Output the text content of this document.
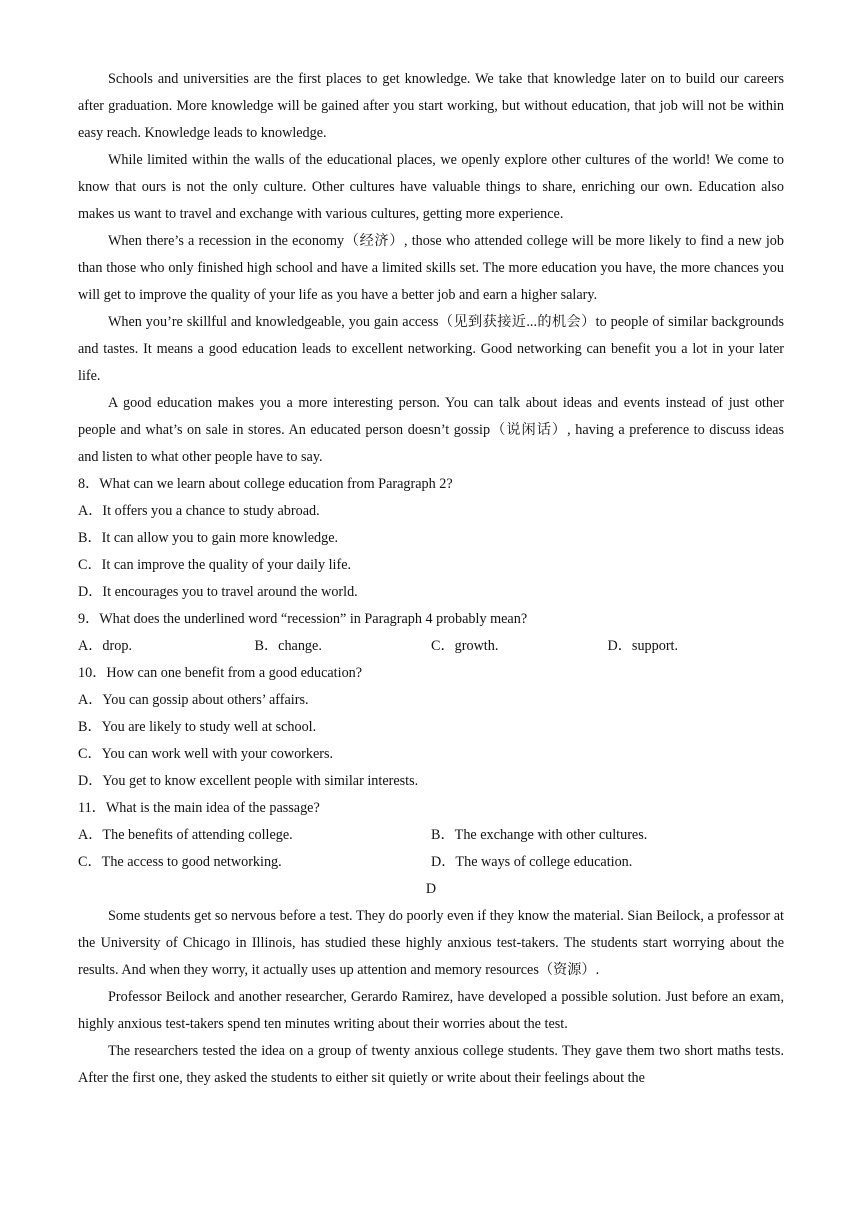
Schools and universities are the first places to get knowledge. We take that knowledge later on to build our careers after graduation. More knowledge will be gained after you start working, but without education, that job will not be within easy reach. Knowledge leads to knowledge.

While limited within the walls of the educational places, we openly explore other cultures of the world! We come to know that ours is not the only culture. Other cultures have valuable things to share, enriching our own. Education also makes us want to travel and exchange with various cultures, getting more experience.

When there’s a recession in the economy（经济）, those who attended college will be more likely to find a new job than those who only finished high school and have a limited skills set. The more education you have, the more chances you will get to improve the quality of your life as you have a better job and earn a higher salary.

When you’re skillful and knowledgeable, you gain access（见到获接近...的机会）to people of similar backgrounds and tastes. It means a good education leads to excellent networking. Good networking can benefit you a lot in your later life.

A good education makes you a more interesting person. You can talk about ideas and events instead of just other people and what’s on sale in stores. An educated person doesn’t gossip（说闲话）, having a preference to discuss ideas and listen to what other people have to say.

8．What can we learn about college education from Paragraph 2?

A．It offers you a chance to study abroad.

B．It can allow you to gain more knowledge.

C．It can improve the quality of your daily life.

D．It encourages you to travel around the world.

9．What does the underlined word “recession” in Paragraph 4 probably mean?

A．drop.	B．change.	C．growth.	D．support.

10．How can one benefit from a good education?

A．You can gossip about others’ affairs.

B．You are likely to study well at school.

C．You can work well with your coworkers.

D．You get to know excellent people with similar interests.

11．What is the main idea of the passage?

A．The benefits of attending college.	B．The exchange with other cultures.
C．The access to good networking.	D．The ways of college education.

D

Some students get so nervous before a test. They do poorly even if they know the material. Sian Beilock, a professor at the University of Chicago in Illinois, has studied these highly anxious test-takers. The students start worrying about the results. And when they worry, it actually uses up attention and memory resources（资源）.

Professor Beilock and another researcher, Gerardo Ramirez, have developed a possible solution. Just before an exam, highly anxious test-takers spend ten minutes writing about their worries about the test.

The researchers tested the idea on a group of twenty anxious college students. They gave them two short maths tests. After the first one, they asked the students to either sit quietly or write about their feelings about the
